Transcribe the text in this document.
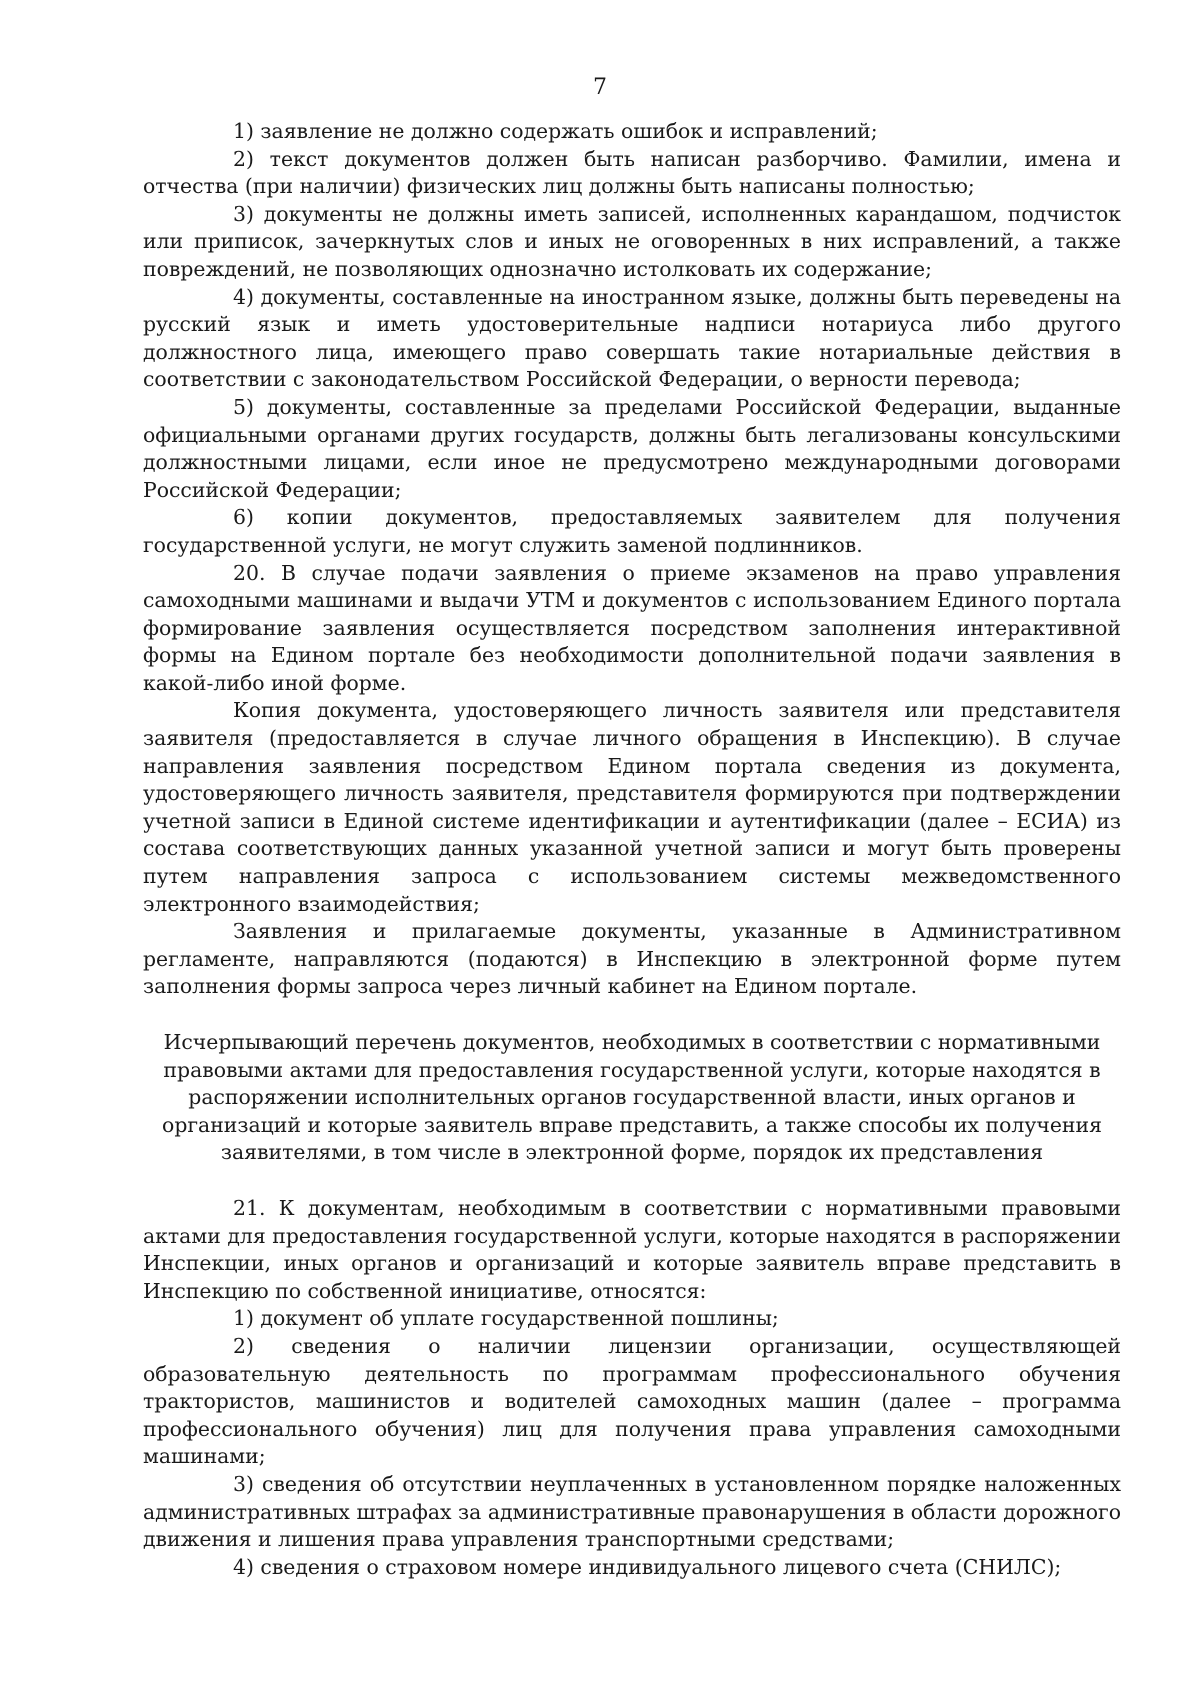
7

1) заявление не должно содержать ошибок и исправлений;

2) текст документов должен быть написан разборчиво. Фамилии, имена и отчества (при наличии) физических лиц должны быть написаны полностью;

3) документы не должны иметь записей, исполненных карандашом, подчисток или приписок, зачеркнутых слов и иных не оговоренных в них исправлений, а также повреждений, не позволяющих однозначно истолковать их содержание;

4) документы, составленные на иностранном языке, должны быть переведены на русский язык и иметь удостоверительные надписи нотариуса либо другого должностного лица, имеющего право совершать такие нотариальные действия в соответствии с законодательством Российской Федерации, о верности перевода;

5) документы, составленные за пределами Российской Федерации, выданные официальными органами других государств, должны быть легализованы консульскими должностными лицами, если иное не предусмотрено международными договорами Российской Федерации;

6) копии документов, предоставляемых заявителем для получения государственной услуги, не могут служить заменой подлинников.

20. В случае подачи заявления о приеме экзаменов на право управления самоходными машинами и выдачи УТМ и документов с использованием Единого портала формирование заявления осуществляется посредством заполнения интерактивной формы на Едином портале без необходимости дополнительной подачи заявления в какой-либо иной форме.

Копия документа, удостоверяющего личность заявителя или представителя заявителя (предоставляется в случае личного обращения в Инспекцию). В случае направления заявления посредством Едином портала сведения из документа, удостоверяющего личность заявителя, представителя формируются при подтверждении учетной записи в Единой системе идентификации и аутентификации (далее – ЕСИА) из состава соответствующих данных указанной учетной записи и могут быть проверены путем направления запроса с использованием системы межведомственного электронного взаимодействия;

Заявления и прилагаемые документы, указанные в Административном регламенте, направляются (подаются) в Инспекцию в электронной форме путем заполнения формы запроса через личный кабинет на Едином портале.

Исчерпывающий перечень документов, необходимых в соответствии с нормативными правовыми актами для предоставления государственной услуги, которые находятся в распоряжении исполнительных органов государственной власти, иных органов и организаций и которые заявитель вправе представить, а также способы их получения заявителями, в том числе в электронной форме, порядок их представления

21. К документам, необходимым в соответствии с нормативными правовыми актами для предоставления государственной услуги, которые находятся в распоряжении Инспекции, иных органов и организаций и которые заявитель вправе представить в Инспекцию по собственной инициативе, относятся:

1) документ об уплате государственной пошлины;

2) сведения о наличии лицензии организации, осуществляющей образовательную деятельность по программам профессионального обучения трактористов, машинистов и водителей самоходных машин (далее – программа профессионального обучения) лиц для получения права управления самоходными машинами;

3) сведения об отсутствии неуплаченных в установленном порядке наложенных административных штрафах за административные правонарушения в области дорожного движения и лишения права управления транспортными средствами;

4) сведения о страховом номере индивидуального лицевого счета (СНИЛС);
